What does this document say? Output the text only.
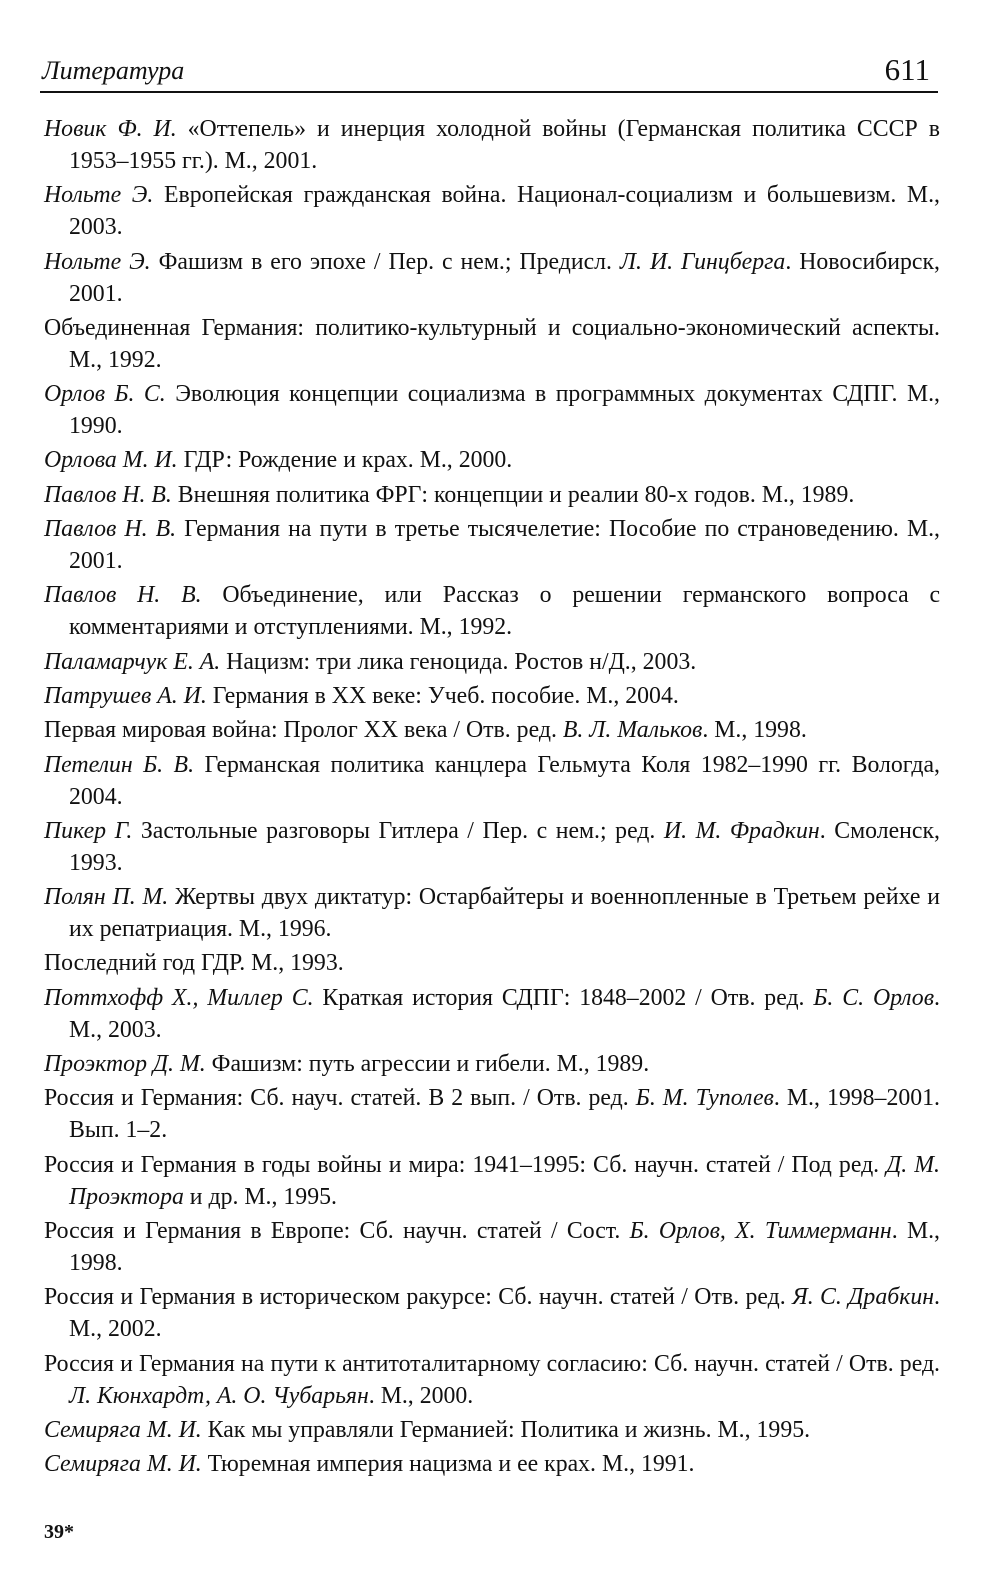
Литература	611
Новик Ф. И. «Оттепель» и инерция холодной войны (Германская политика СССР в 1953–1955 гг.). М., 2001.
Нольте Э. Европейская гражданская война. Национал-социализм и большевизм. М., 2003.
Нольте Э. Фашизм в его эпохе / Пер. с нем.; Предисл. Л. И. Гинцберга. Новосибирск, 2001.
Объединенная Германия: политико-культурный и социально-экономический аспекты. М., 1992.
Орлов Б. С. Эволюция концепции социализма в программных документах СДПГ. М., 1990.
Орлова М. И. ГДР: Рождение и крах. М., 2000.
Павлов Н. В. Внешняя политика ФРГ: концепции и реалии 80-х годов. М., 1989.
Павлов Н. В. Германия на пути в третье тысячелетие: Пособие по страноведению. М., 2001.
Павлов Н. В. Объединение, или Рассказ о решении германского вопроса с комментариями и отступлениями. М., 1992.
Паламарчук Е. А. Нацизм: три лика геноцида. Ростов н/Д., 2003.
Патрушев А. И. Германия в XX веке: Учеб. пособие. М., 2004.
Первая мировая война: Пролог XX века / Отв. ред. В. Л. Мальков. М., 1998.
Петелин Б. В. Германская политика канцлера Гельмута Коля 1982–1990 гг. Вологда, 2004.
Пикер Г. Застольные разговоры Гитлера / Пер. с нем.; ред. И. М. Фрадкин. Смоленск, 1993.
Полян П. М. Жертвы двух диктатур: Остарбайтеры и военнопленные в Третьем рейхе и их репатриация. М., 1996.
Последний год ГДР. М., 1993.
Поттхофф Х., Миллер С. Краткая история СДПГ: 1848–2002 / Отв. ред. Б. С. Орлов. М., 2003.
Проэктор Д. М. Фашизм: путь агрессии и гибели. М., 1989.
Россия и Германия: Сб. науч. статей. В 2 вып. / Отв. ред. Б. М. Туполев. М., 1998–2001. Вып. 1–2.
Россия и Германия в годы войны и мира: 1941–1995: Сб. научн. статей / Под ред. Д. М. Проэктора и др. М., 1995.
Россия и Германия в Европе: Сб. научн. статей / Сост. Б. Орлов, Х. Тиммерманн. М., 1998.
Россия и Германия в историческом ракурсе: Сб. научн. статей / Отв. ред. Я. С. Драбкин. М., 2002.
Россия и Германия на пути к антитоталитарному согласию: Сб. научн. статей / Отв. ред. Л. Кюнхардт, А. О. Чубарьян. М., 2000.
Семиряга М. И. Как мы управляли Германией: Политика и жизнь. М., 1995.
Семиряга М. И. Тюремная империя нацизма и ее крах. М., 1991.
39*
